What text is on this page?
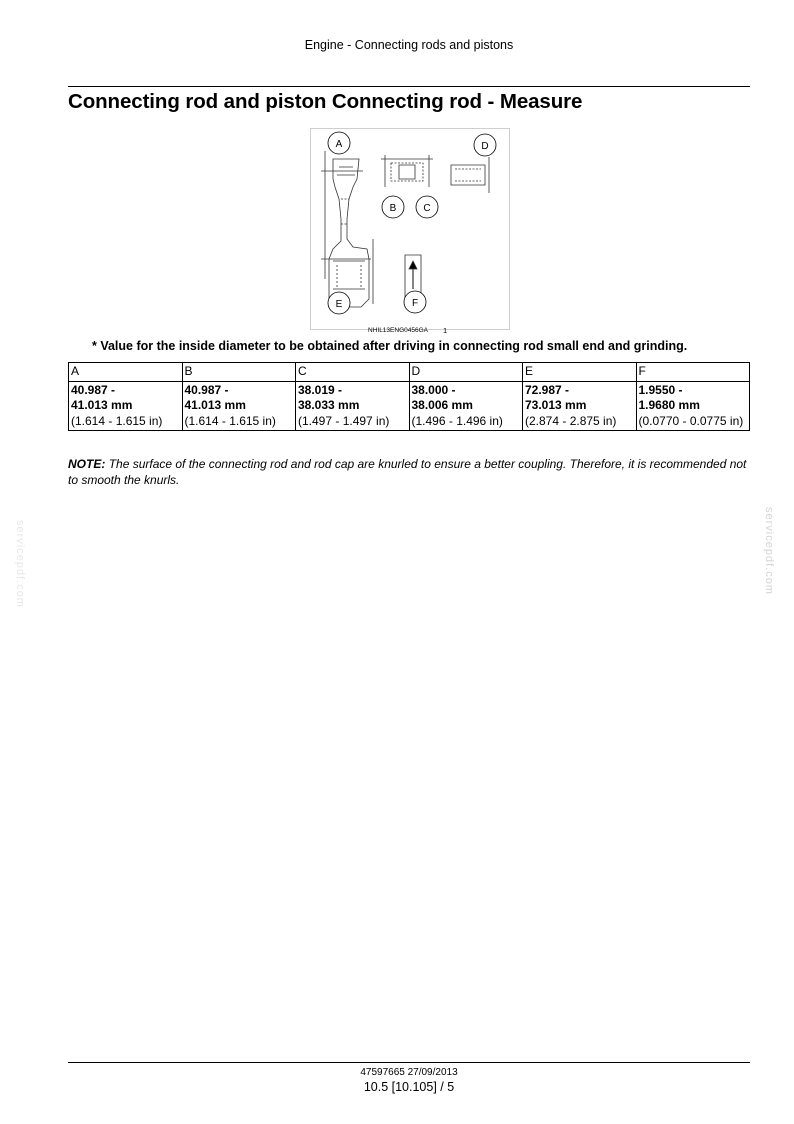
Engine - Connecting rods and pistons
Connecting rod and piston Connecting rod - Measure
A
B	C
D
E	F
NHIL13ENG0456GA 1
* Value for the inside diameter to be obtained after driving in connecting rod small end and grinding.
A	B	C	D	E	F
40.987 -
41.013 mm
(1.614 - 1.615 in)	40.987 -
41.013 mm
(1.614 - 1.615 in)	38.019 -
38.033 mm
(1.497 - 1.497 in)	38.000 -
38.006 mm
(1.496 - 1.496 in)	72.987 -
73.013 mm
(2.874 - 2.875 in)	1.9550 -
1.9680 mm
(0.0770 - 0.0775 in)
NOTE: The surface of the connecting rod and rod cap are knurled to ensure a better coupling. Therefore, it is recommended not to smooth the knurls.
servicepdf.com	servicepdf.com
47597665 27/09/2013
10.5 [10.105] / 5
